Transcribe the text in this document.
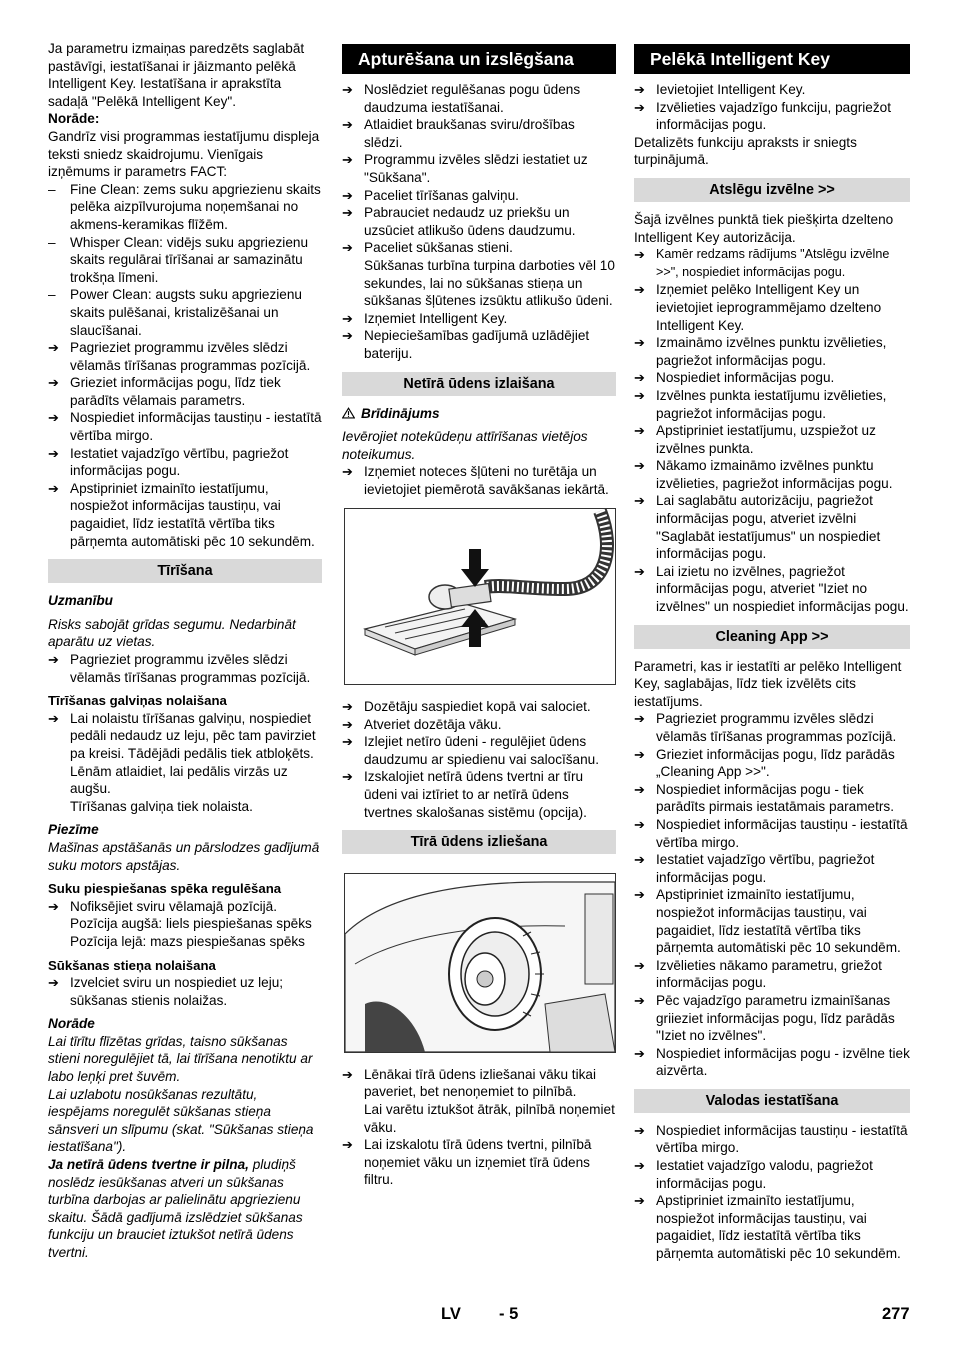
Ja parametru izmaiņas paredzēts saglabāt pastāvīgi, iestatīšanai ir jāizmanto pelēkā Intelligent Key. Iestatīšana ir aprakstīta sadaļā "Pelēkā Intelligent Key".

Norāde:

Gandrīz visi programmas iestatījumu displeja teksti sniedz skaidrojumu. Vienīgais izņēmums ir parametrs FACT:

–	Fine Clean: zems suku apgriezienu skaits pelēka aizpīlvurojuma noņemšanai no akmens-keramikas flīžēm.
–	Whisper Clean: vidējs suku apgriezienu skaits regulārai tīrīšanai ar samazinātu trokšņa līmeni.
–	Power Clean: augsts suku apgriezienu skaits pulēšanai, kristalizēšanai un slaucīšanai.
➔ Pagrieziet programmu izvēles slēdzi vēlamās tīrīšanas programmas pozīcijā.
➔ Grieziet informācijas pogu, līdz tiek parādīts vēlamais parametrs.
➔ Nospiediet informācijas taustiņu - iestatītā vērtība mirgo.
➔ Iestatiet vajadzīgo vērtību, pagriežot informācijas pogu.
➔ Apstipriniet izmainīto iestatījumu, nospiežot informācijas taustiņu, vai pagaidiet, līdz iestatītā vērtība tiks pārņemta automātiski pēc 10 sekundēm.
Tīrīšana

Uzmanību

Risks sabojāt grīdas segumu. Nedarbināt aparātu uz vietas.

➔ Pagrieziet programmu izvēles slēdzi vēlamās tīrīšanas programmas pozīcijā.

Tīrīšanas galviņas nolaišana

➔ Lai nolaistu tīrīšanas galviņu, nospiediet pedāli nedaudz uz leju, pēc tam pavirziet pa kreisi. Tādējādi pedālis tiek atbloķēts. Lēnām atlaidiet, lai pedālis virzās uz augšu.

Tīrīšanas galviņa tiek nolaista.

Piezīme

Mašīnas apstāšanās un pārslodzes gadījumā suku motors apstājas.

Suku piespiešanas spēka regulēšana

➔ Nofiksējiet sviru vēlamajā pozīcijā.

Pozīcija augšā: liels piespiešanas spēks

Pozīcija lejā: mazs piespiešanas spēks

Sūkšanas stieņa nolaišana

➔ Izvelciet sviru un nospiediet uz leju; sūkšanas stienis nolaižas.

Norāde

Lai tīrītu flīzētas grīdas, taisno sūkšanas stieni noregulējiet tā, lai tīrīšana nenotiktu ar labo leņķi pret šuvēm.

Lai uzlabotu nosūkšanas rezultātu, iespējams noregulēt sūkšanas stieņa sānsveri un slīpumu (skat. "Sūkšanas stieņa iestatīšana").

Ja netīrā ūdens tvertne ir pilna, pludiņš noslēdz iesūkšanas atveri un sūkšanas turbīna darbojas ar palielinātu apgriezienu skaitu. Šādā gadījumā izslēdziet sūkšanas funkciju un brauciet iztukšot netīrā ūdens tvertni.

Apturēšana un izslēgšana
➔ Noslēdziet regulēšanas pogu ūdens daudzuma iestatīšanai.
➔ Atlaidiet braukšanas sviru/drošības slēdzi.
➔ Programmu izvēles slēdzi iestatiet uz "Sūkšana".
➔ Paceliet tīrīšanas galviņu.
➔ Pabrauciet nedaudz uz priekšu un uzsūciet atlikušo ūdens daudzumu.
➔ Paceliet sūkšanas stieni.

Sūkšanas turbīna turpina darboties vēl 10 sekundes, lai no sūkšanas stieņa un sūkšanas šļūtenes izsūktu atlikušo ūdeni.

➔ Izņemiet Intelligent Key.
➔ Nepieciešamības gadījumā uzlādējiet bateriju.
Netīrā ūdens izlaišana
Brīdinājums

Ievērojiet notekūdeņu attīrīšanas vietējos noteikumus.

➔ Izņemiet noteces šļūteni no turētāja un ievietojiet piemērotā savākšanas iekārtā.
➔ Dozētāju saspiediet kopā vai salociet.
➔ Atveriet dozētāja vāku.
➔ Izlejiet netīro ūdeni - regulējiet ūdens daudzumu ar spiedienu vai salocīšanu.
➔ Izskalojiet netīrā ūdens tvertni ar tīru ūdeni vai iztīriet to ar netīrā ūdens tvertnes skalošanas sistēmu (opcija).
Tīrā ūdens izliešana
➔ Lēnākai tīrā ūdens izliešanai vāku tikai paveriet, bet nenoņemiet to pilnībā.

Lai varētu iztukšot ātrāk, pilnībā noņemiet vāku.

➔ Lai izskalotu tīrā ūdens tvertni, pilnībā noņemiet vāku un izņemiet tīrā ūdens filtru.
Pelēkā Intelligent Key
➔ Ievietojiet Intelligent Key.
➔ Izvēlieties vajadzīgo funkciju, pagriežot informācijas pogu.

Detalizēts funkciju apraksts ir sniegts turpinājumā.

Atslēgu izvēlne >>

Šajā izvēlnes punktā tiek piešķirta dzelteno Intelligent Key autorizācija.

➔ Kamēr redzams rādījums "Atslēgu izvēlne >>", nospiediet informācijas pogu.
➔ Izņemiet pelēko Intelligent Key un ievietojiet ieprogrammējamo dzelteno Intelligent Key.
➔ Izmaināmo izvēlnes punktu izvēlieties, pagriežot informācijas pogu.
➔ Nospiediet informācijas pogu.
➔ Izvēlnes punkta iestatījumu izvēlieties, pagriežot informācijas pogu.
➔ Apstipriniet iestatījumu, uzspiežot uz izvēlnes punkta.
➔ Nākamo izmaināmo izvēlnes punktu izvēlieties, pagriežot informācijas pogu.
➔ Lai saglabātu autorizāciju, pagriežot informācijas pogu, atveriet izvēlni "Saglabāt iestatījumus" un nospiediet informācijas pogu.
➔ Lai izietu no izvēlnes, pagriežot informācijas pogu, atveriet "Iziet no izvēlnes" un nospiediet informācijas pogu.
Cleaning App >>

Parametri, kas ir iestatīti ar pelēko Intelligent Key, saglabājas, līdz tiek izvēlēts cits iestatījums.

➔ Pagrieziet programmu izvēles slēdzi vēlamās tīrīšanas programmas pozīcijā.
➔ Grieziet informācijas pogu, līdz parādās „Cleaning App >>".
➔ Nospiediet informācijas pogu - tiek parādīts pirmais iestatāmais parametrs.
➔ Nospiediet informācijas taustiņu - iestatītā vērtība mirgo.
➔ Iestatiet vajadzīgo vērtību, pagriežot informācijas pogu.
➔ Apstipriniet izmainīto iestatījumu, nospiežot informācijas taustiņu, vai pagaidiet, līdz iestatītā vērtība tiks pārņemta automātiski pēc 10 sekundēm.
➔ Izvēlieties nākamo parametru, griežot informācijas pogu.
➔ Pēc vajadzīgo parametru izmainīšanas griieziet informācijas pogu, līdz parādās "Iziet no izvēlnes".
➔ Nospiediet informācijas pogu - izvēlne tiek aizvērta.
Valodas iestatīšana
➔ Nospiediet informācijas taustiņu - iestatītā vērtība mirgo.
➔ Iestatiet vajadzīgo valodu, pagriežot informācijas pogu.
➔ Apstipriniet izmainīto iestatījumu, nospiežot informācijas taustiņu, vai pagaidiet, līdz iestatītā vērtība tiks pārņemta automātiski pēc 10 sekundēm.
LV - 5	277
